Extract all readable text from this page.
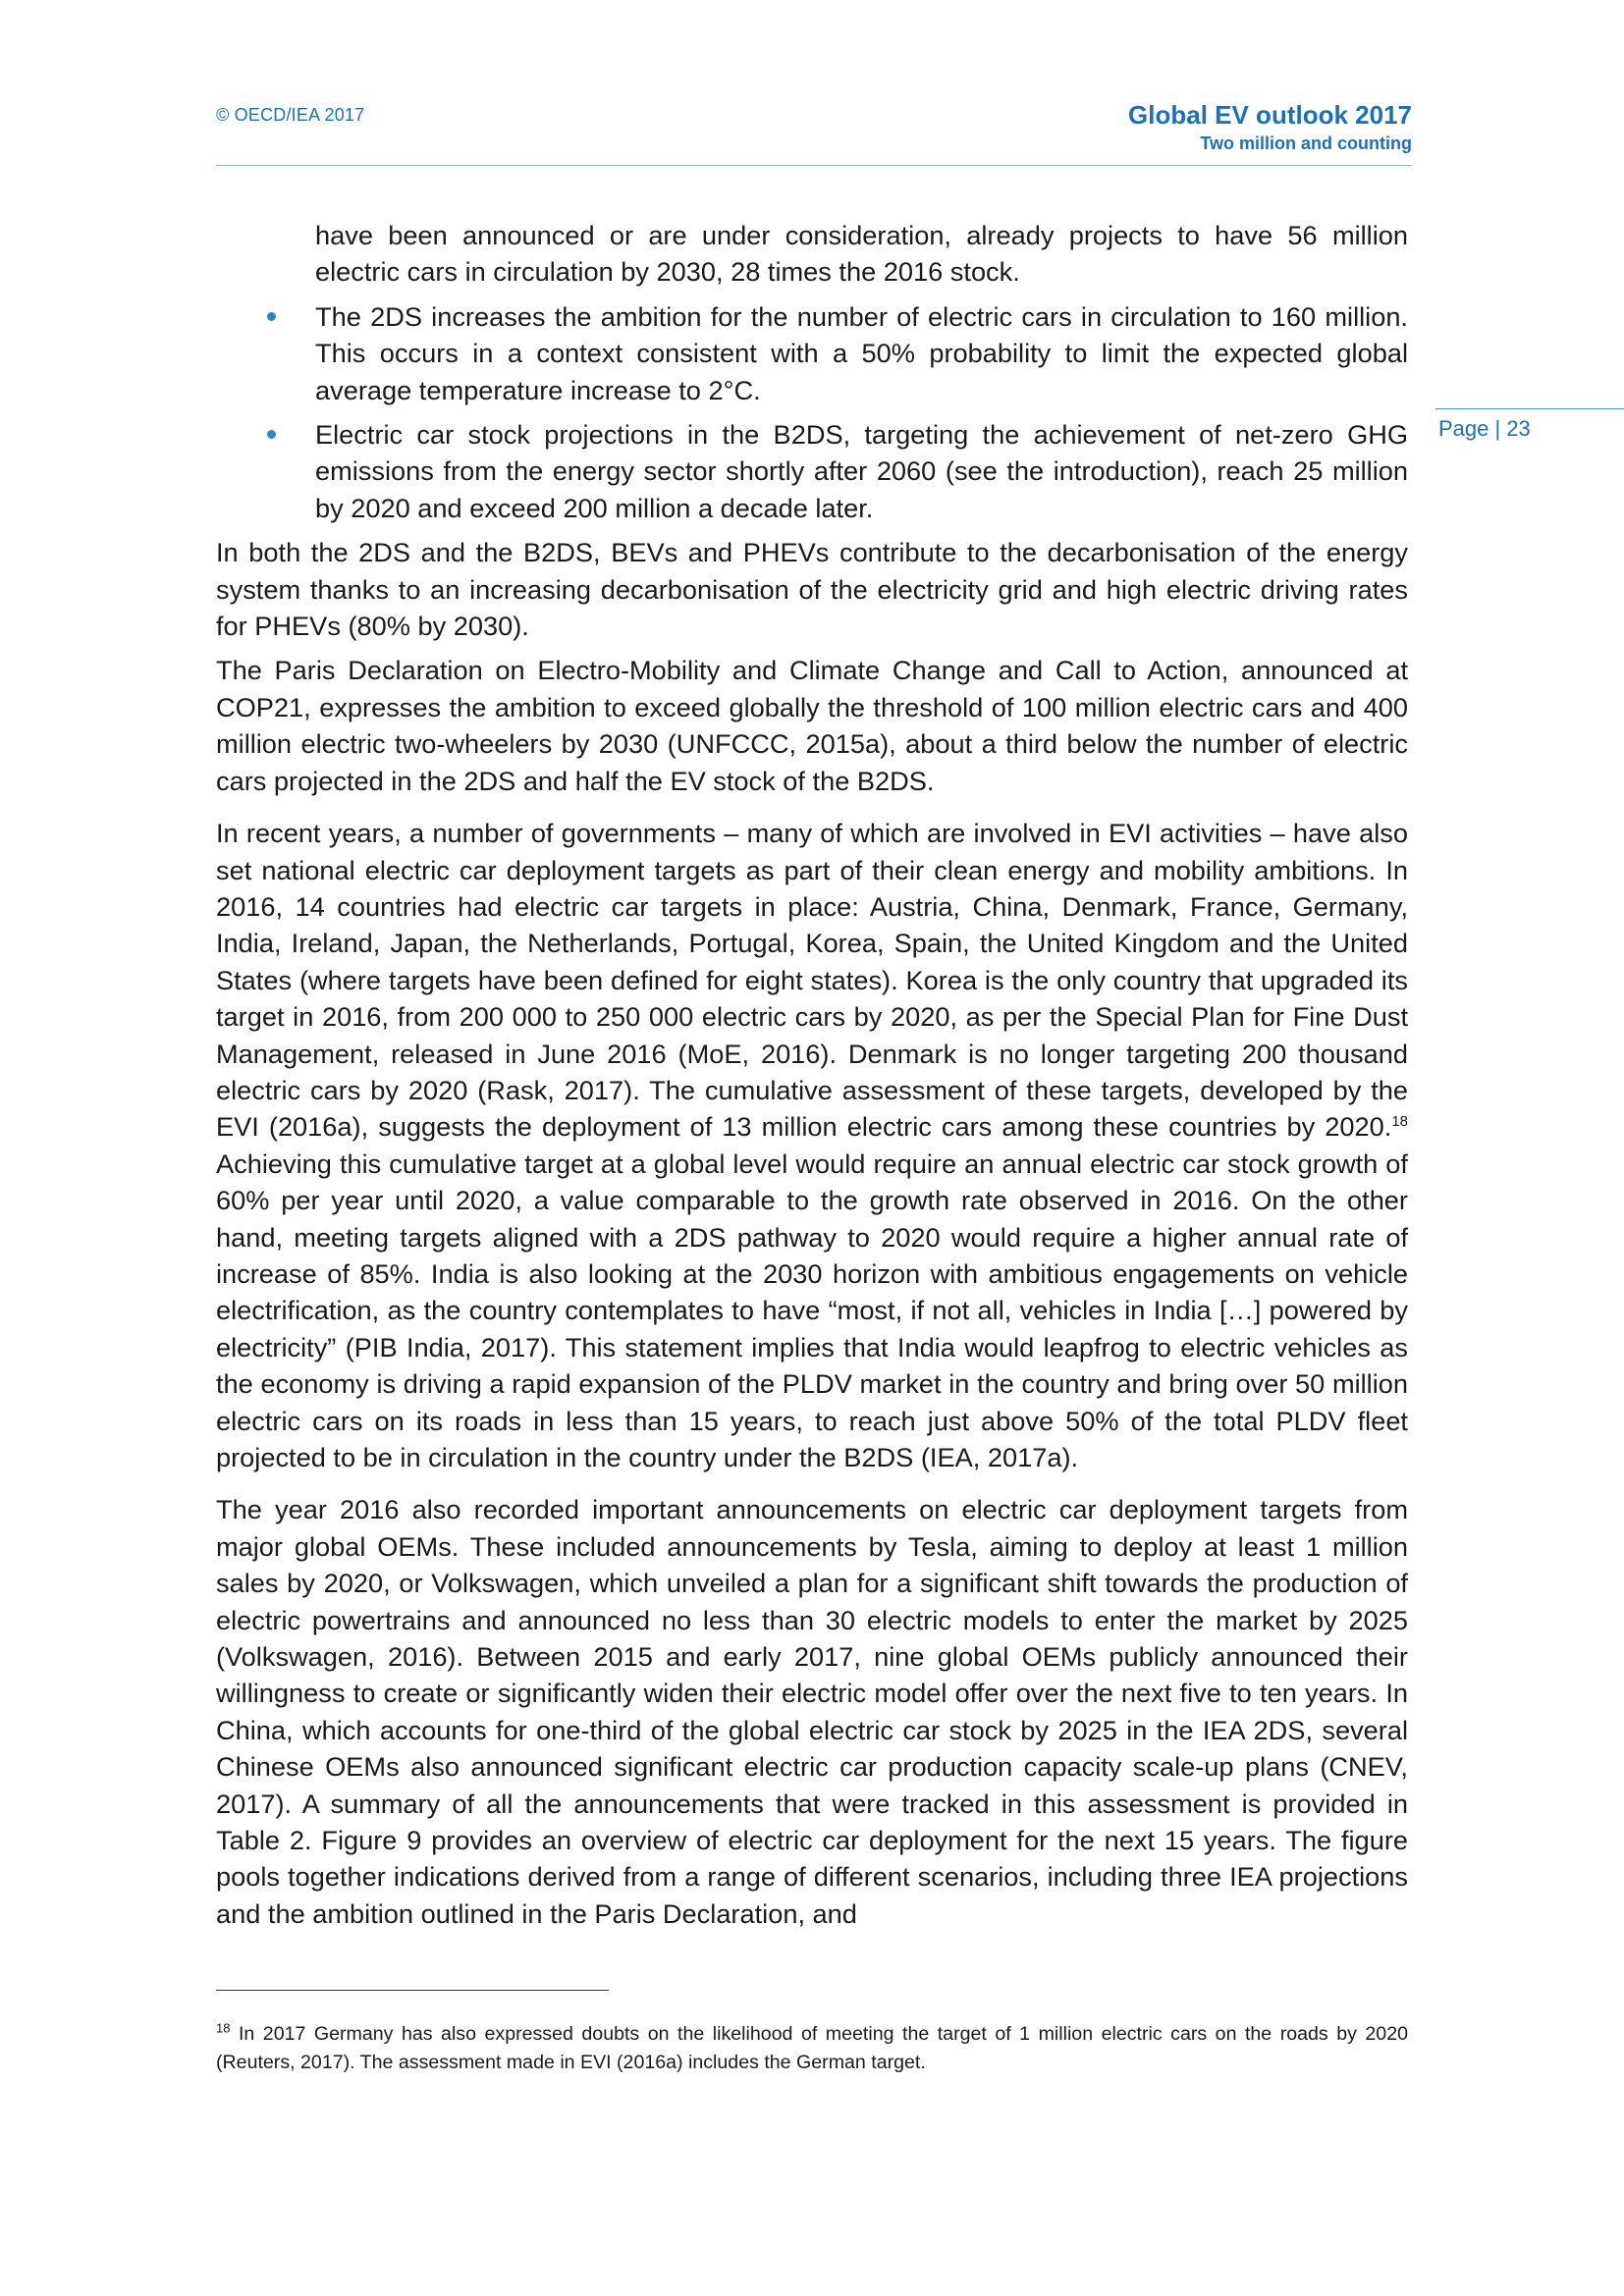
© OECD/IEA 2017	Global EV outlook 2017
Two million and counting
Page | 23

have been announced or are under consideration, already projects to have 56 million electric cars in circulation by 2030, 28 times the 2016 stock.

The 2DS increases the ambition for the number of electric cars in circulation to 160 million. This occurs in a context consistent with a 50% probability to limit the expected global average temperature increase to 2°C.
Electric car stock projections in the B2DS, targeting the achievement of net-zero GHG emissions from the energy sector shortly after 2060 (see the introduction), reach 25 million by 2020 and exceed 200 million a decade later.

In both the 2DS and the B2DS, BEVs and PHEVs contribute to the decarbonisation of the energy system thanks to an increasing decarbonisation of the electricity grid and high electric driving rates for PHEVs (80% by 2030).

The Paris Declaration on Electro-Mobility and Climate Change and Call to Action, announced at COP21, expresses the ambition to exceed globally the threshold of 100 million electric cars and 400 million electric two-wheelers by 2030 (UNFCCC, 2015a), about a third below the number of electric cars projected in the 2DS and half the EV stock of the B2DS.

In recent years, a number of governments – many of which are involved in EVI activities – have also set national electric car deployment targets as part of their clean energy and mobility ambitions. In 2016, 14 countries had electric car targets in place: Austria, China, Denmark, France, Germany, India, Ireland, Japan, the Netherlands, Portugal, Korea, Spain, the United Kingdom and the United States (where targets have been defined for eight states). Korea is the only country that upgraded its target in 2016, from 200 000 to 250 000 electric cars by 2020, as per the Special Plan for Fine Dust Management, released in June 2016 (MoE, 2016). Denmark is no longer targeting 200 thousand electric cars by 2020 (Rask, 2017). The cumulative assessment of these targets, developed by the EVI (2016a), suggests the deployment of 13 million electric cars among these countries by 2020.18 Achieving this cumulative target at a global level would require an annual electric car stock growth of 60% per year until 2020, a value comparable to the growth rate observed in 2016. On the other hand, meeting targets aligned with a 2DS pathway to 2020 would require a higher annual rate of increase of 85%. India is also looking at the 2030 horizon with ambitious engagements on vehicle electrification, as the country contemplates to have “most, if not all, vehicles in India […] powered by electricity” (PIB India, 2017). This statement implies that India would leapfrog to electric vehicles as the economy is driving a rapid expansion of the PLDV market in the country and bring over 50 million electric cars on its roads in less than 15 years, to reach just above 50% of the total PLDV fleet projected to be in circulation in the country under the B2DS (IEA, 2017a).

The year 2016 also recorded important announcements on electric car deployment targets from major global OEMs. These included announcements by Tesla, aiming to deploy at least 1 million sales by 2020, or Volkswagen, which unveiled a plan for a significant shift towards the production of electric powertrains and announced no less than 30 electric models to enter the market by 2025 (Volkswagen, 2016). Between 2015 and early 2017, nine global OEMs publicly announced their willingness to create or significantly widen their electric model offer over the next five to ten years. In China, which accounts for one-third of the global electric car stock by 2025 in the IEA 2DS, several Chinese OEMs also announced significant electric car production capacity scale-up plans (CNEV, 2017). A summary of all the announcements that were tracked in this assessment is provided in Table 2. Figure 9 provides an overview of electric car deployment for the next 15 years. The figure pools together indications derived from a range of different scenarios, including three IEA projections and the ambition outlined in the Paris Declaration, and

$^{18}$ In 2017 Germany has also expressed doubts on the likelihood of meeting the target of 1 million electric cars on the roads by 2020 (Reuters, 2017). The assessment made in EVI (2016a) includes the German target.
